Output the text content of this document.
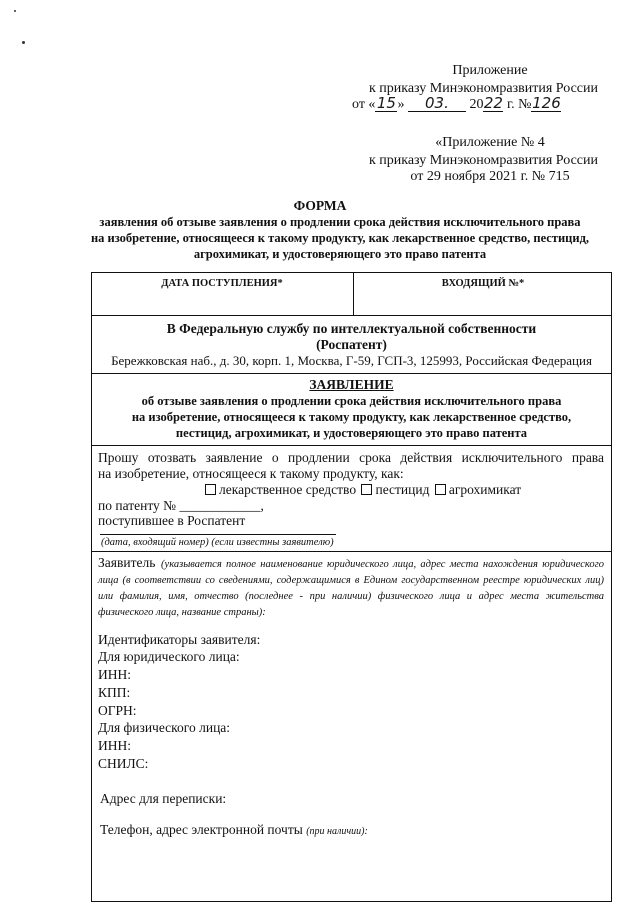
Приложение
к приказу Минэкономразвития России
от «15» 03. 2022 г. №126
«Приложение № 4
к приказу Минэкономразвития России
от 29 ноября 2021 г. № 715
ФОРМА
заявления об отзыве заявления о продлении срока действия исключительного права
на изобретение, относящееся к такому продукту, как лекарственное средство, пестицид,
агрохимикат, и удостоверяющего это право патента
ДАТА ПОСТУПЛЕНИЯ*	ВХОДЯЩИЙ №*
В Федеральную службу по интеллектуальной собственности
(Роспатент)
Бережковская наб., д. 30, корп. 1, Москва, Г-59, ГСП-3, 125993, Российская Федерация
ЗАЯВЛЕНИЕ
об отзыве заявления о продлении срока действия исключительного права
на изобретение, относящееся к такому продукту, как лекарственное средство,
пестицид, агрохимикат, и удостоверяющего это право патента
Прошу отозвать заявление о продлении срока действия исключительного права
на изобретение, относящееся к такому продукту, как:
лекарственное средство пестицид агрохимикат
по патенту № ____________,
поступившее в Роспатент
(дата, входящий номер) (если известны заявителю)
Заявитель (указывается полное наименование юридического лица, адрес места нахождения юридического лица (в соответствии со сведениями, содержащимися в Едином государственном реестре юридических лиц) или фамилия, имя, отчество (последнее - при наличии) физического лица и адрес места жительства физического лица, название страны):
Идентификаторы заявителя:
Для юридического лица:
ИНН:
КПП:
ОГРН:
Для физического лица:
ИНН:
СНИЛС:
Адрес для переписки:
Телефон, адрес электронной почты (при наличии):
